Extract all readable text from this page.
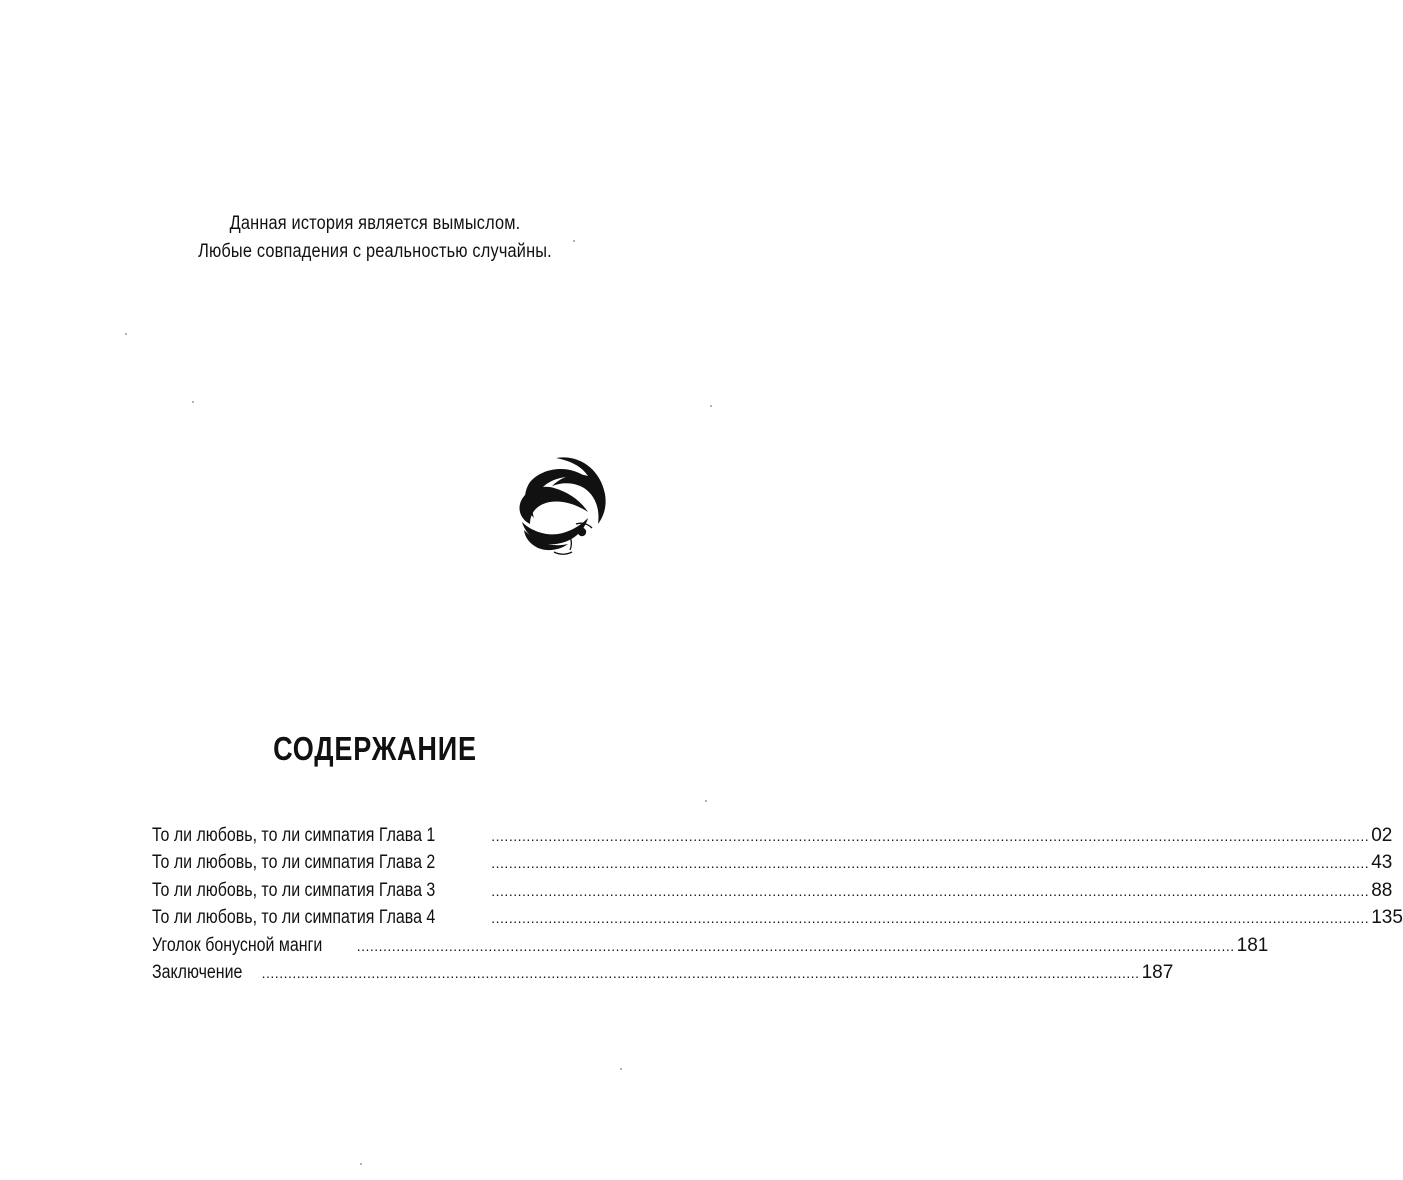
Данная история является вымыслом.
Любые совпадения с реальностью случайны.
СОДЕРЖАНИЕ
То ли любовь, то ли симпатия Глава 1	........................................................................................................................................................................................................ 02
То ли любовь, то ли симпатия Глава 2	........................................................................................................................................................................................................ 43
То ли любовь, то ли симпатия Глава 3	........................................................................................................................................................................................................ 88
То ли любовь, то ли симпатия Глава 4	........................................................................................................................................................................................................ 135
Уголок бонусной манги ........................................................................................................................................................................................................ 181
Заключение ........................................................................................................................................................................................................ 187
